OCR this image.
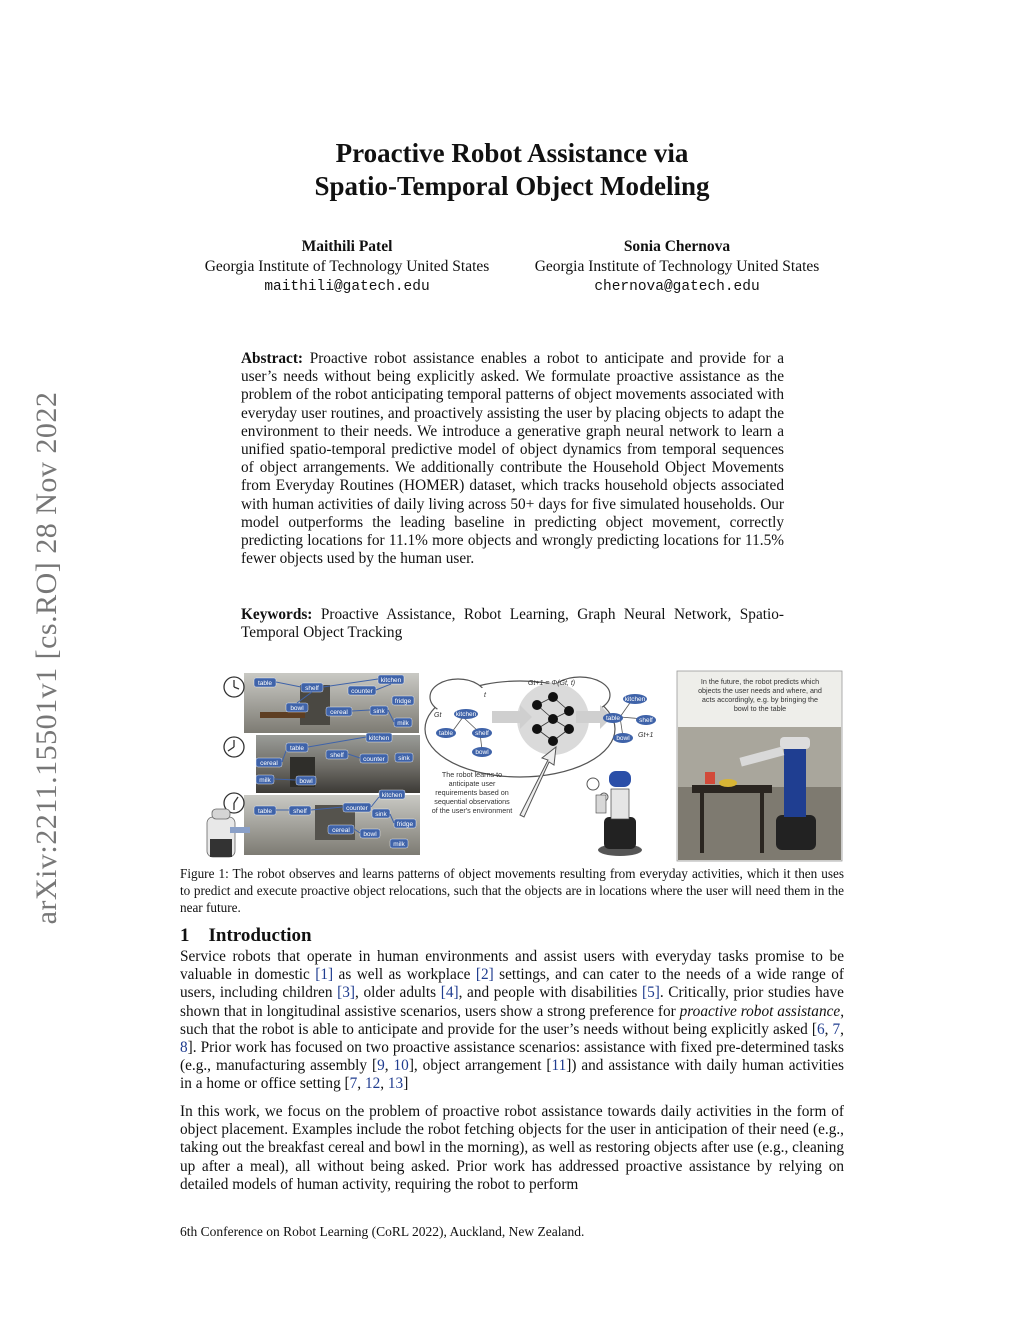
arXiv:2211.15501v1 [cs.RO] 28 Nov 2022
Proactive Robot Assistance via
Spatio-Temporal Object Modeling
Maithili Patel
Georgia Institute of Technology United States
maithili@gatech.edu
Sonia Chernova
Georgia Institute of Technology United States
chernova@gatech.edu
Abstract: Proactive robot assistance enables a robot to anticipate and provide for a user’s needs without being explicitly asked. We formulate proactive assistance as the problem of the robot anticipating temporal patterns of object movements associated with everyday user routines, and proactively assisting the user by placing objects to adapt the environment to their needs. We introduce a generative graph neural network to learn a unified spatio-temporal predictive model of object dynamics from temporal sequences of object arrangements. We additionally contribute the Household Object Movements from Everyday Routines (HOMER) dataset, which tracks household objects associated with human activities of daily living across 50+ days for five simulated households. Our model outperforms the leading baseline in predicting object movement, correctly predicting locations for 11.1% more objects and wrongly predicting locations for 11.5% fewer objects used by the human user.
Keywords: Proactive Assistance, Robot Learning, Graph Neural Network, Spatio-Temporal Object Tracking
table
shelf
kitchen
counter
fridge
bowl
cereal	sink
milk
table
kitchen
shelf
counter sink
cereal
milk	bowl
table	shelf	counter
kitchen
sink
fridge
cereal
bowl
milk
kitchen
table	shelf
bowl
Gt
t
Gt+1 = Φ(Gt, t)
kitchen
table	shelf
bowl Gt+1
The robot learns to
anticipate user
requirements based on
sequential observations
of the user's environment
In the future, the robot predicts which
objects the user needs and where, and
acts accordingly, e.g. by bringing the
bowl to the table
Figure 1: The robot observes and learns patterns of object movements resulting from everyday activities, which it then uses to predict and execute proactive object relocations, such that the objects are in locations where the user will need them in the near future.
1 Introduction
Service robots that operate in human environments and assist users with everyday tasks promise to be valuable in domestic [1] as well as workplace [2] settings, and can cater to the needs of a wide range of users, including children [3], older adults [4], and people with disabilities [5]. Critically, prior studies have shown that in longitudinal assistive scenarios, users show a strong preference for proactive robot assistance, such that the robot is able to anticipate and provide for the user’s needs without being explicitly asked [6, 7, 8]. Prior work has focused on two proactive assistance scenarios: assistance with fixed pre-determined tasks (e.g., manufacturing assembly [9, 10], object arrangement [11]) and assistance with daily human activities in a home or office setting [7, 12, 13]
In this work, we focus on the problem of proactive robot assistance towards daily activities in the form of object placement. Examples include the robot fetching objects for the user in anticipation of their need (e.g., taking out the breakfast cereal and bowl in the morning), as well as restoring objects after use (e.g., cleaning up after a meal), all without being asked. Prior work has addressed proactive assistance by relying on detailed models of human activity, requiring the robot to perform
6th Conference on Robot Learning (CoRL 2022), Auckland, New Zealand.
